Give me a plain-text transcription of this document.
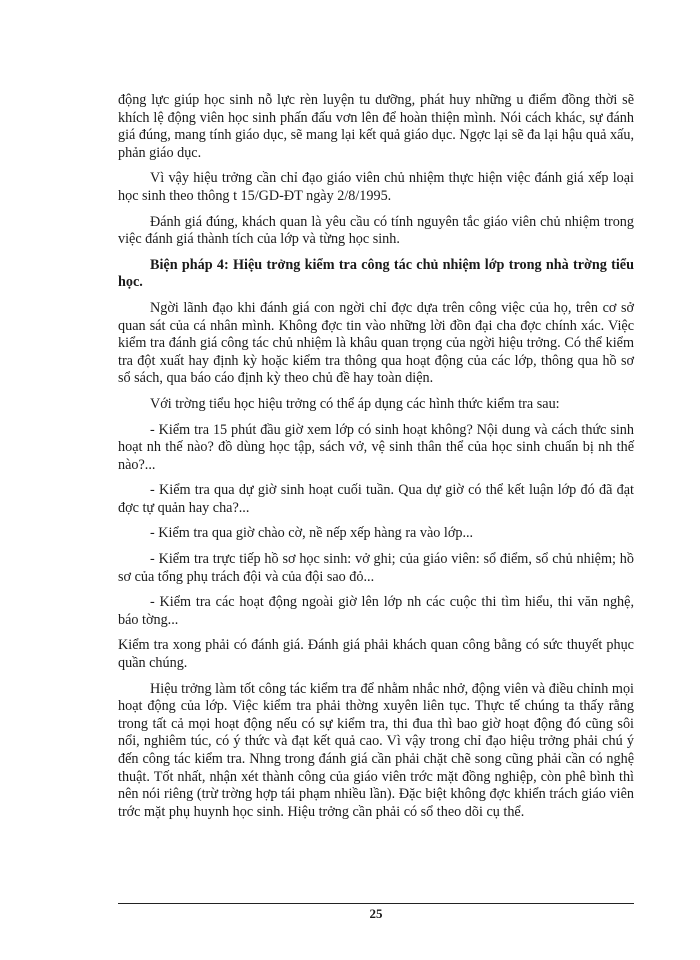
động lực giúp học sinh nỗ lực rèn luyện tu dưỡng, phát huy những u điểm đồng thời sẽ khích lệ động viên học sinh phấn đấu vơn lên để hoàn thiện mình. Nói cách khác, sự đánh giá đúng, mang tính giáo dục, sẽ mang lại kết quả giáo dục. Ngợc lại sẽ đa lại hậu quả xấu, phản giáo dục.

Vì vậy hiệu trởng cần chỉ đạo giáo viên chủ nhiệm thực hiện việc đánh giá xếp loại học sinh theo thông t 15/GD-ĐT ngày 2/8/1995.

Đánh giá đúng, khách quan là yêu cầu có tính nguyên tắc giáo viên chủ nhiệm trong việc đánh giá thành tích của lớp và từng học sinh.

Biện pháp 4: Hiệu trởng kiểm tra công tác chủ nhiệm lớp trong nhà trờng tiểu học.

Ngời lãnh đạo khi đánh giá con ngời chỉ đợc dựa trên công việc của họ, trên cơ sở quan sát của cá nhân mình. Không đợc tin vào những lời đồn đại cha đợc chính xác. Việc kiểm tra đánh giá công tác chủ nhiệm là khâu quan trọng của ngời hiệu trởng. Có thể kiểm tra đột xuất hay định kỳ hoặc kiểm tra thông qua hoạt động của các lớp, thông qua hồ sơ sổ sách, qua báo cáo định kỳ theo chủ đề hay toàn diện.

Với trờng tiểu học hiệu trởng có thể áp dụng các hình thức kiểm tra sau:

- Kiểm tra 15 phút đầu giờ xem lớp có sinh hoạt không? Nội dung và cách thức sinh hoạt nh thế nào? đồ dùng học tập, sách vở, vệ sinh thân thể của học sinh chuẩn bị nh thế nào?...

- Kiểm tra qua dự giờ sinh hoạt cuối tuần. Qua dự giờ có thể kết luận lớp đó đã đạt đợc tự quản hay cha?...

- Kiểm tra qua giờ chào cờ, nề nếp xếp hàng ra vào lớp...

- Kiểm tra trực tiếp hồ sơ học sinh: vở ghi; của giáo viên: sổ điểm, sổ chủ nhiệm; hồ sơ của tổng phụ trách đội và của đội sao đỏ...

- Kiểm tra các hoạt động ngoài giờ lên lớp nh các cuộc thi tìm hiểu, thi văn nghệ, báo tờng...

Kiểm tra xong phải có đánh giá. Đánh giá phải khách quan công bằng có sức thuyết phục quần chúng.

Hiệu trởng làm tốt công tác kiểm tra để nhằm nhắc nhở, động viên và điều chỉnh mọi hoạt động của lớp. Việc kiểm tra phải thờng xuyên liên tục. Thực tế chúng ta thấy rằng trong tất cả mọi hoạt động nếu có sự kiểm tra, thi đua thì bao giờ hoạt động đó cũng sôi nổi, nghiêm túc, có ý thức và đạt kết quả cao. Vì vậy trong chỉ đạo hiệu trởng phải chú ý đến công tác kiểm tra. Nhng trong đánh giá cần phải chặt chẽ song cũng phải cần có nghệ thuật. Tốt nhất, nhận xét thành công của giáo viên trớc mặt đồng nghiệp, còn phê bình thì nên nói riêng (trừ trờng hợp tái phạm nhiều lần). Đặc biệt không đợc khiển trách giáo viên trớc mặt phụ huynh học sinh. Hiệu trởng cần phải có sổ theo dõi cụ thể.

25
